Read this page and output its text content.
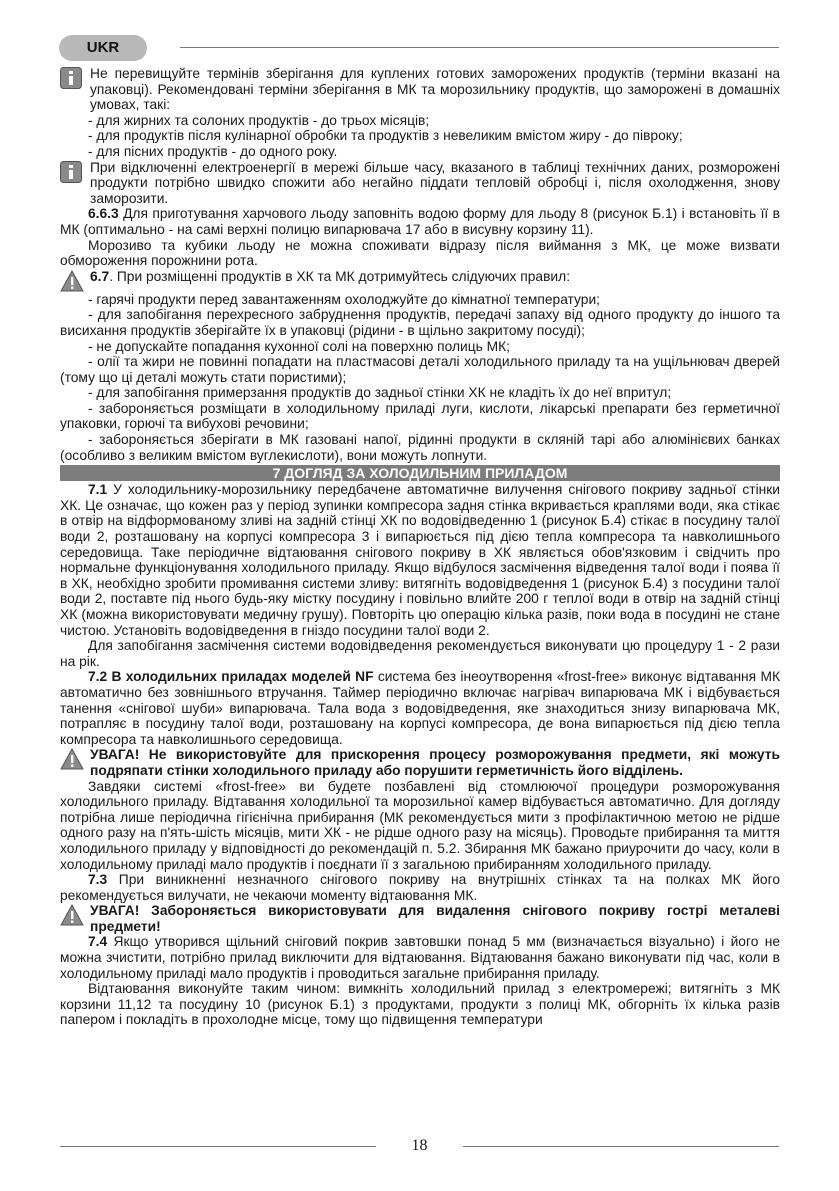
UKR

Не перевищуйте термінів зберігання для куплених готових заморожених продуктів (терміни вказані на упаковці). Рекомендовані терміни зберігання в МК та морозильнику продуктів, що заморожені в домашніх умовах, такі:

- для жирних та солоних продуктів - до трьох місяців;

- для продуктів після кулінарної обробки та продуктів з невеликим вмістом жиру - до півроку;

- для пісних продуктів - до одного року.

При відключенні електроенергії в мережі більше часу, вказаного в таблиці технічних даних, розморожені продукти потрібно швидко спожити або негайно піддати тепловій обробці і, після охолодження, знову заморозити.

6.6.3 Для приготування харчового льоду заповніть водою форму для льоду 8 (рисунок Б.1) і встановіть її в МК (оптимально - на самі верхні полицю випарювача 17 або в висувну корзину 11).

Морозиво та кубики льоду не можна споживати відразу після виймання з МК, це може визвати обмороження порожнини рота.

6.7. При розміщенні продуктів в ХК та МК дотримуйтесь слідуючих правил:

- гарячі продукти перед завантаженням охолоджуйте до кімнатної температури;

- для запобігання перехресного забруднення продуктів, передачі запаху від одного продукту до іншого та висихання продуктів зберігайте їх в упаковці (рідини - в щільно закритому посуді);

- не допускайте попадання кухонної солі на поверхню полиць МК;

- олії та жири не повинні попадати на пластмасові деталі холодильного приладу та на ущільнювач дверей (тому що ці деталі можуть стати пористими);

- для запобігання примерзання продуктів до задньої стінки ХК не кладіть їх до неї впритул;

- забороняється розміщати в холодильному приладі луги, кислоти, лікарські препарати без герметичної упаковки, горючі та вибухові речовини;

- забороняється зберігати в МК газовані напої, рідинні продукти в скляній тарі або алюмінієвих банках (особливо з великим вмістом вуглекислоти), вони можуть лопнути.

7 ДОГЛЯД ЗА ХОЛОДИЛЬНИМ ПРИЛАДОМ

7.1 У холодильнику-морозильнику передбачене автоматичне вилучення снігового покриву задньої стінки ХК. Це означає, що кожен раз у період зупинки компресора задня стінка вкривається краплями води, яка стікає в отвір на відформованому зливі на задній стінці ХК по водовідведенню 1 (рисунок Б.4) стікає в посудину талої води 2, розташовану на корпусі компресора 3 і випарюється під дією тепла компресора та навколишнього середовища. Таке періодичне відтаювання снігового покриву в ХК являється обов'язковим і свідчить про нормальне функціонування холодильного приладу. Якщо відбулося засмічення відведення талої води і поява її в ХК, необхідно зробити промивання системи зливу: витягніть водовідведення 1 (рисунок Б.4) з посудини талої води 2, поставте під нього будь-яку містку посудину і повільно влийте 200 г теплої води в отвір на задній стінці ХК (можна використовувати медичну грушу). Повторіть цю операцію кілька разів, поки вода в посудині не стане чистою. Установіть водовідведення в гніздо посудини талої води 2.

Для запобігання засмічення системи водовідведення рекомендується виконувати цю процедуру 1 - 2 рази на рік.

7.2 В холодильних приладах моделей NF система без інеоутворення «frost-free» виконує відтавання МК автоматично без зовнішнього втручання. Таймер періодично включає нагрівач випарювача МК і відбувається танення «снігової шуби» випарювача. Тала вода з водовідведення, яке знаходиться знизу випарювача МК, потрапляє в посудину талої води, розташовану на корпусі компресора, де вона випарюється під дією тепла компресора та навколишнього середовища.

УВАГА! Не використовуйте для прискорення процесу розморожування предмети, які можуть подряпати стінки холодильного приладу або порушити герметичність його відділень.

Завдяки системі «frost-free» ви будете позбавлені від стомлюючої процедури розморожування холодильного приладу. Відтавання холодильної та морозильної камер відбувається автоматично. Для догляду потрібна лише періодична гігієнічна прибирання (МК рекомендується мити з профілактичною метою не рідше одного разу на п'ять-шість місяців, мити ХК - не рідше одного разу на місяць). Проводьте прибирання та миття холодильного приладу у відповідності до рекомендацій п. 5.2. Збирання МК бажано приурочити до часу, коли в холодильному приладі мало продуктів і поєднати її з загальною прибиранням холодильного приладу.

7.3 При виникненні незначного снігового покриву на внутрішніх стінках та на полках МК його рекомендується вилучати, не чекаючи моменту відтаювання МК.

УВАГА! Забороняється використовувати для видалення снігового покриву гострі металеві предмети!

7.4 Якщо утворився щільний сніговий покрив завтовшки понад 5 мм (визначається візуально) і його не можна зчистити, потрібно прилад виключити для відтаювання. Відтаювання бажано виконувати під час, коли в холодильному приладі мало продуктів і проводиться загальне прибирання приладу.

Відтаювання виконуйте таким чином: вимкніть холодильний прилад з електромережі; витягніть з МК корзини 11,12 та посудину 10 (рисунок Б.1) з продуктами, продукти з полиці МК, обгорніть їх кілька разів папером і покладіть в прохолодне місце, тому що підвищення температури

18
